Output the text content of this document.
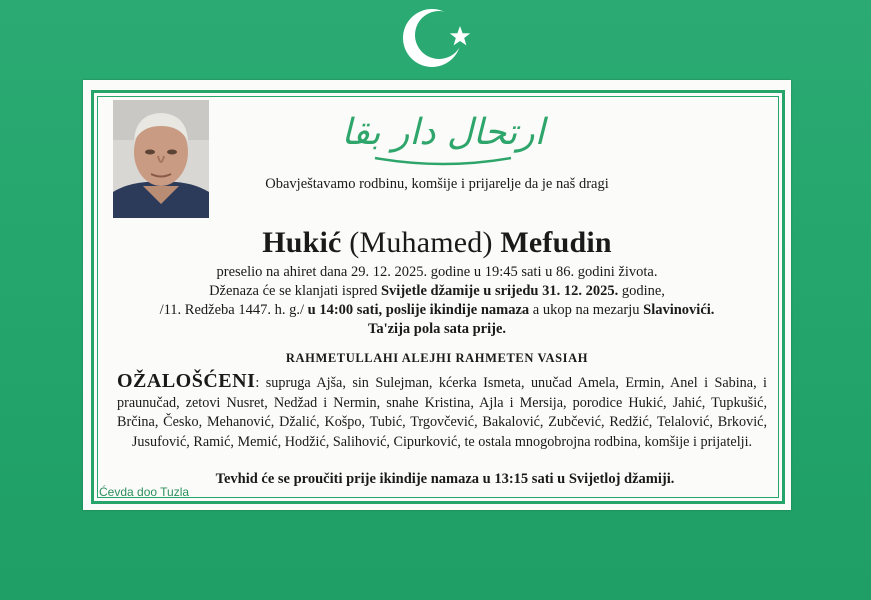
ارتحال دار بقا
Obavještavamo rodbinu, komšije i prijarelje da je naš dragi
Hukić (Muhamed) Mefudin
preselio na ahiret dana 29. 12. 2025. godine u 19:45 sati u 86. godini života.
Dženaza će se klanjati ispred Svijetle džamije u srijedu 31. 12. 2025. godine,
/11. Redžeba 1447. h. g./ u 14:00 sati, poslije ikindije namaza a ukop na mezarju Slavinovići.
Ta'zija pola sata prije.
RAHMETULLAHI ALEJHI RAHMETEN VASIAH
OŽALOŠĆENI: supruga Ajša, sin Sulejman, kćerka Ismeta, unučad Amela, Ermin, Anel i Sabina, i praunučad, zetovi Nusret, Nedžad i Nermin, snahe Kristina, Ajla i Mersija, porodice Hukić, Jahić, Tupkušić, Brčina, Česko, Mehanović, Džalić, Košpo, Tubić, Trgovčević, Bakalović, Zubčević, Redžić, Telalović, Brković, Jusufović, Ramić, Memić, Hodžić, Salihović, Cipurković, te ostala mnogobrojna rodbina, komšije i prijatelji.
Tevhid će se proučiti prije ikindije namaza u 13:15 sati u Svijetloj džamiji.
Ćevda doo Tuzla
